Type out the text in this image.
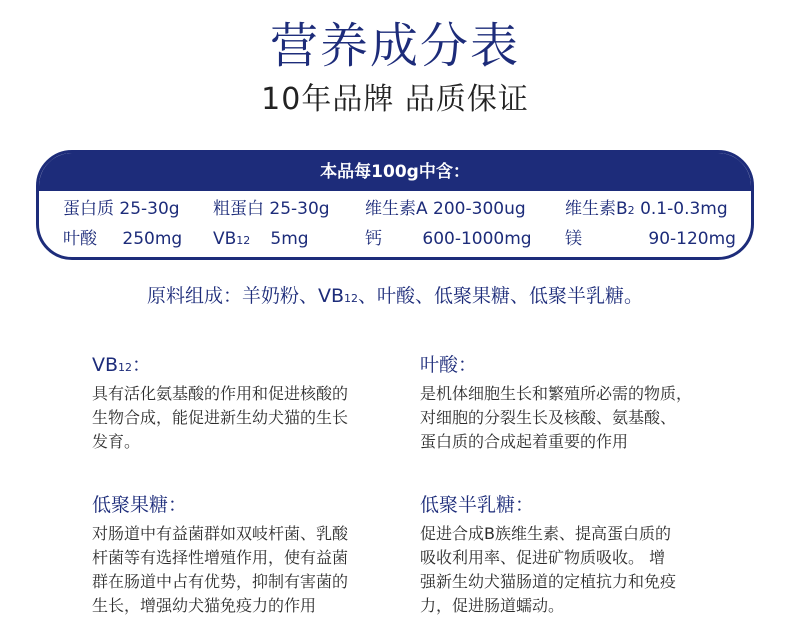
营养成分表
10年品牌 品质保证
本品每100g中含：
蛋白质 25-30g 粗蛋白 25-30g 维生素A 200-300ug 维生素B2 0.1-0.3mg
叶酸 250mg VB12 5mg	钙 600-1000mg 镁	90-120mg
原料组成：羊奶粉、VB12、叶酸、低聚果糖、低聚半乳糖。
VB12：
具有活化氨基酸的作用和促进核酸的
生物合成，能促进新生幼犬猫的生长
发育。
叶酸：
是机体细胞生长和繁殖所必需的物质，
对细胞的分裂生长及核酸、氨基酸、
蛋白质的合成起着重要的作用
低聚果糖：
对肠道中有益菌群如双岐杆菌、乳酸
杆菌等有选择性增殖作用，使有益菌
群在肠道中占有优势，抑制有害菌的
生长，增强幼犬猫免疫力的作用
低聚半乳糖：
促进合成B族维生素、提高蛋白质的
吸收利用率、促进矿物质吸收。 增
强新生幼犬猫肠道的定植抗力和免疫
力，促进肠道蠕动。
